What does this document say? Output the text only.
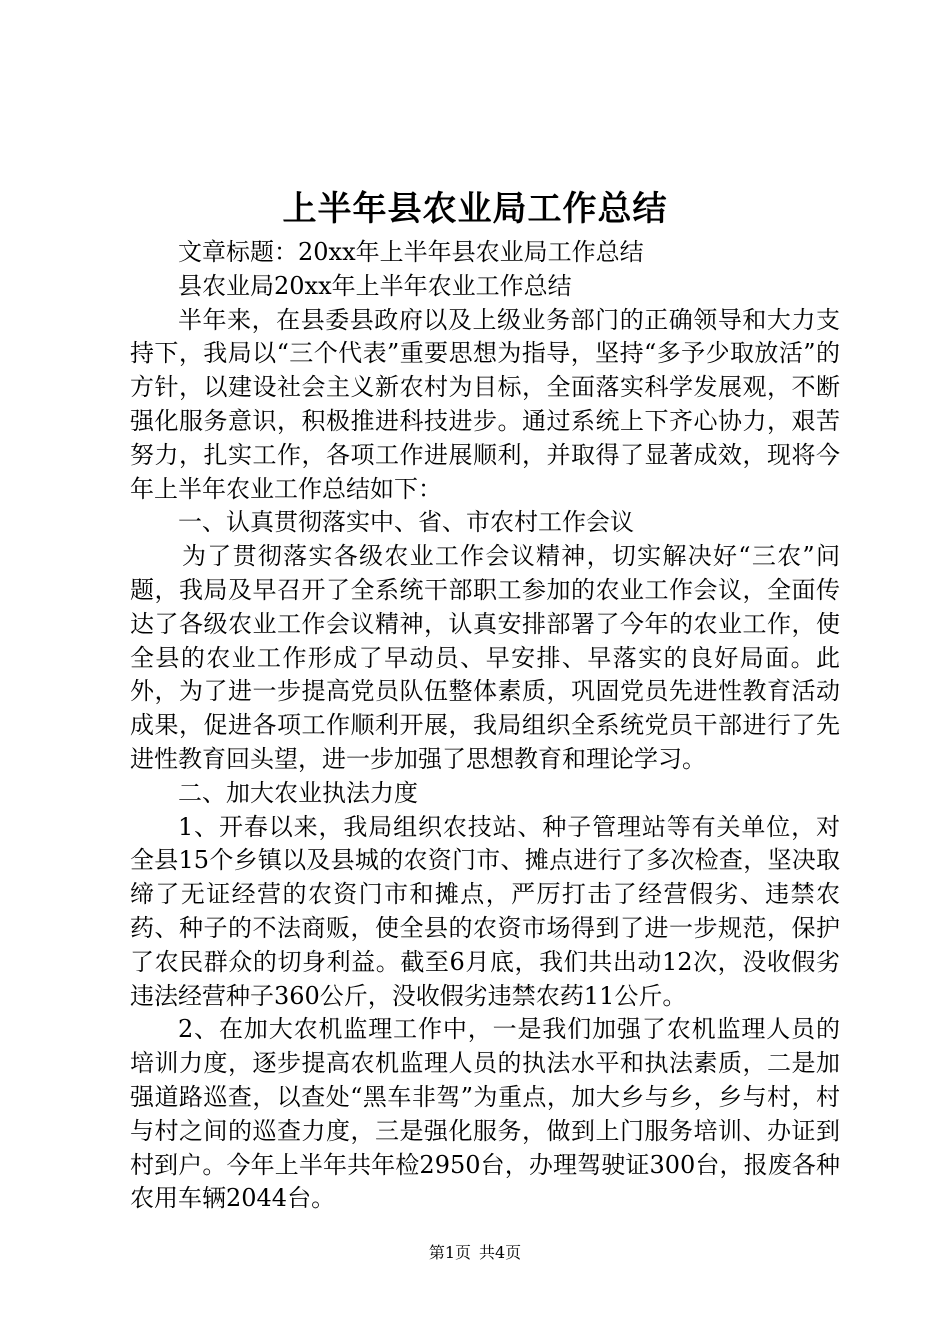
上半年县农业局工作总结

文章标题：20xx年上半年县农业局工作总结

县农业局20xx年上半年农业工作总结

半年来，在县委县政府以及上级业务部门的正确领导和大力支持下，我局以“三个代表”重要思想为指导，坚持“多予少取放活”的方针，以建设社会主义新农村为目标，全面落实科学发展观，不断强化服务意识，积极推进科技进步。通过系统上下齐心协力，艰苦努力，扎实工作，各项工作进展顺利，并取得了显著成效，现将今年上半年农业工作总结如下：

一、认真贯彻落实中、省、市农村工作会议

为了贯彻落实各级农业工作会议精神，切实解决好“三农”问题，我局及早召开了全系统干部职工参加的农业工作会议，全面传达了各级农业工作会议精神，认真安排部署了今年的农业工作，使全县的农业工作形成了早动员、早安排、早落实的良好局面。此外，为了进一步提高党员队伍整体素质，巩固党员先进性教育活动成果，促进各项工作顺利开展，我局组织全系统党员干部进行了先进性教育回头望，进一步加强了思想教育和理论学习。

二、加大农业执法力度

1、开春以来，我局组织农技站、种子管理站等有关单位，对全县15个乡镇以及县城的农资门市、摊点进行了多次检查，坚决取缔了无证经营的农资门市和摊点，严厉打击了经营假劣、违禁农药、种子的不法商贩，使全县的农资市场得到了进一步规范，保护了农民群众的切身利益。截至6月底，我们共出动12次，没收假劣违法经营种子360公斤，没收假劣违禁农药11公斤。

2、在加大农机监理工作中，一是我们加强了农机监理人员的培训力度，逐步提高农机监理人员的执法水平和执法素质，二是加强道路巡查，以查处“黑车非驾”为重点，加大乡与乡，乡与村，村与村之间的巡查力度，三是强化服务，做到上门服务培训、办证到村到户。今年上半年共年检2950台，办理驾驶证300台，报废各种农用车辆2044台。

第1页 共4页
